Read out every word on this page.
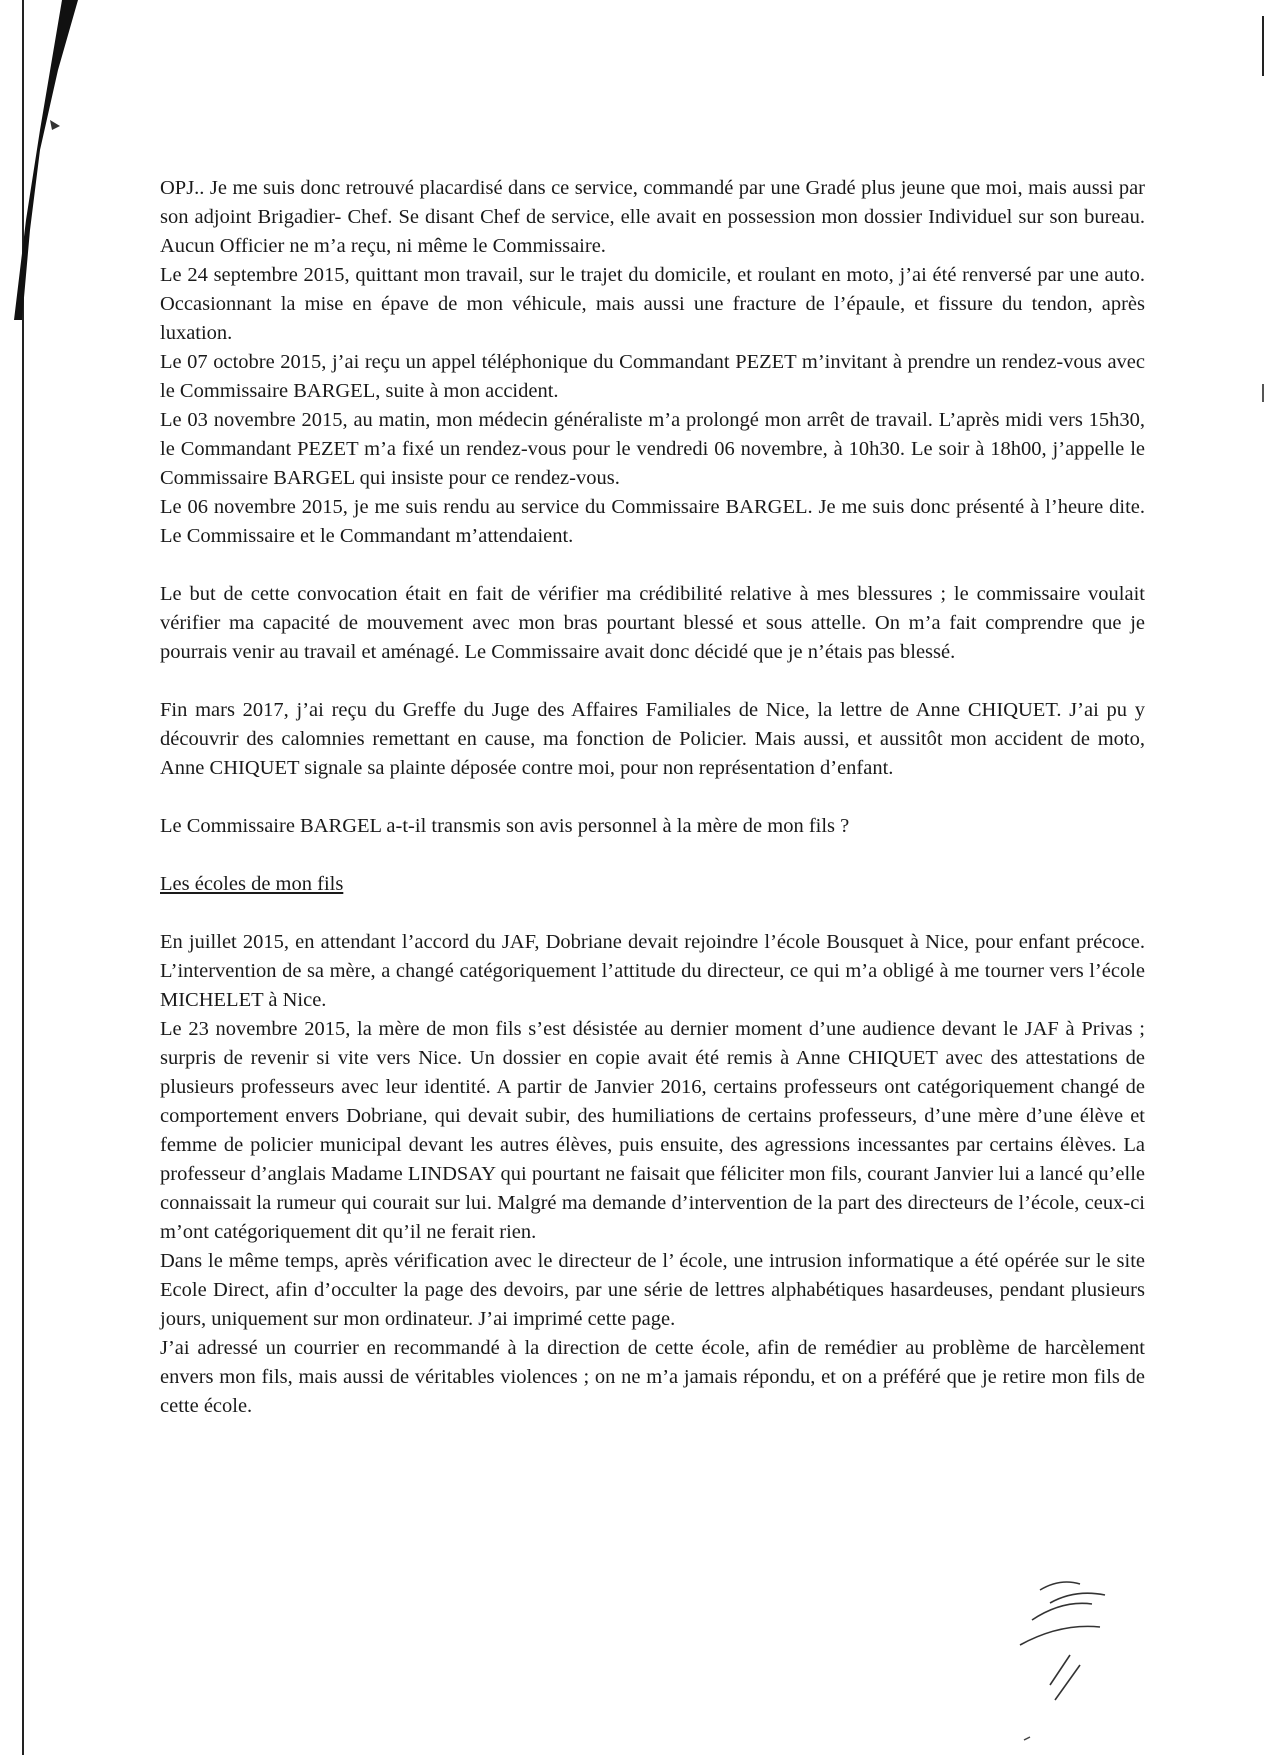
OPJ.. Je me suis donc retrouvé placardisé dans ce service, commandé par une Gradé plus jeune que moi, mais aussi par son adjoint Brigadier- Chef. Se disant Chef de service, elle avait en possession mon dossier Individuel sur son bureau. Aucun Officier ne m’a reçu, ni même le Commissaire.

Le 24 septembre 2015, quittant mon travail, sur le trajet du domicile, et roulant en moto, j’ai été renversé par une auto. Occasionnant la mise en épave de mon véhicule, mais aussi une fracture de l’épaule, et fissure du tendon, après luxation.

Le 07 octobre 2015, j’ai reçu un appel téléphonique du Commandant PEZET m’invitant à prendre un rendez-vous avec le Commissaire BARGEL, suite à mon accident.

Le 03 novembre 2015, au matin, mon médecin généraliste m’a prolongé mon arrêt de travail. L’après midi vers 15h30, le Commandant PEZET m’a fixé un rendez-vous pour le vendredi 06 novembre, à 10h30. Le soir à 18h00, j’appelle le Commissaire BARGEL qui insiste pour ce rendez-vous.

Le 06 novembre 2015, je me suis rendu au service du Commissaire BARGEL. Je me suis donc présenté à l’heure dite. Le Commissaire et le Commandant m’attendaient.

Le but de cette convocation était en fait de vérifier ma crédibilité relative à mes blessures ; le commissaire voulait vérifier ma capacité de mouvement avec mon bras pourtant blessé et sous attelle. On m’a fait comprendre que je pourrais venir au travail et aménagé. Le Commissaire avait donc décidé que je n’étais pas blessé.

Fin mars 2017, j’ai reçu du Greffe du Juge des Affaires Familiales de Nice, la lettre de Anne CHIQUET. J’ai pu y découvrir des calomnies remettant en cause, ma fonction de Policier. Mais aussi, et aussitôt mon accident de moto, Anne CHIQUET signale sa plainte déposée contre moi, pour non représentation d’enfant.

Le Commissaire BARGEL a-t-il transmis son avis personnel à la mère de mon fils ?

Les écoles de mon fils

En juillet 2015, en attendant l’accord du JAF, Dobriane devait rejoindre l’école Bousquet à Nice, pour enfant précoce. L’intervention de sa mère, a changé catégoriquement l’attitude du directeur, ce qui m’a obligé à me tourner vers l’école MICHELET à Nice.

Le 23 novembre 2015, la mère de mon fils s’est désistée au dernier moment d’une audience devant le JAF à Privas ; surpris de revenir si vite vers Nice. Un dossier en copie avait été remis à Anne CHIQUET avec des attestations de plusieurs professeurs avec leur identité. A partir de Janvier 2016, certains professeurs ont catégoriquement changé de comportement envers Dobriane, qui devait subir, des humiliations de certains professeurs, d’une mère d’une élève et femme de policier municipal devant les autres élèves, puis ensuite, des agressions incessantes par certains élèves. La professeur d’anglais Madame LINDSAY qui pourtant ne faisait que féliciter mon fils, courant Janvier lui a lancé qu’elle connaissait la rumeur qui courait sur lui. Malgré ma demande d’intervention de la part des directeurs de l’école, ceux-ci m’ont catégoriquement dit qu’il ne ferait rien.

Dans le même temps, après vérification avec le directeur de l’ école, une intrusion informatique a été opérée sur le site Ecole Direct, afin d’occulter la page des devoirs, par une série de lettres alphabétiques hasardeuses, pendant plusieurs jours, uniquement sur mon ordinateur. J’ai imprimé cette page.

J’ai adressé un courrier en recommandé à la direction de cette école, afin de remédier au problème de harcèlement envers mon fils, mais aussi de véritables violences ; on ne m’a jamais répondu, et on a préféré que je retire mon fils de cette école.
